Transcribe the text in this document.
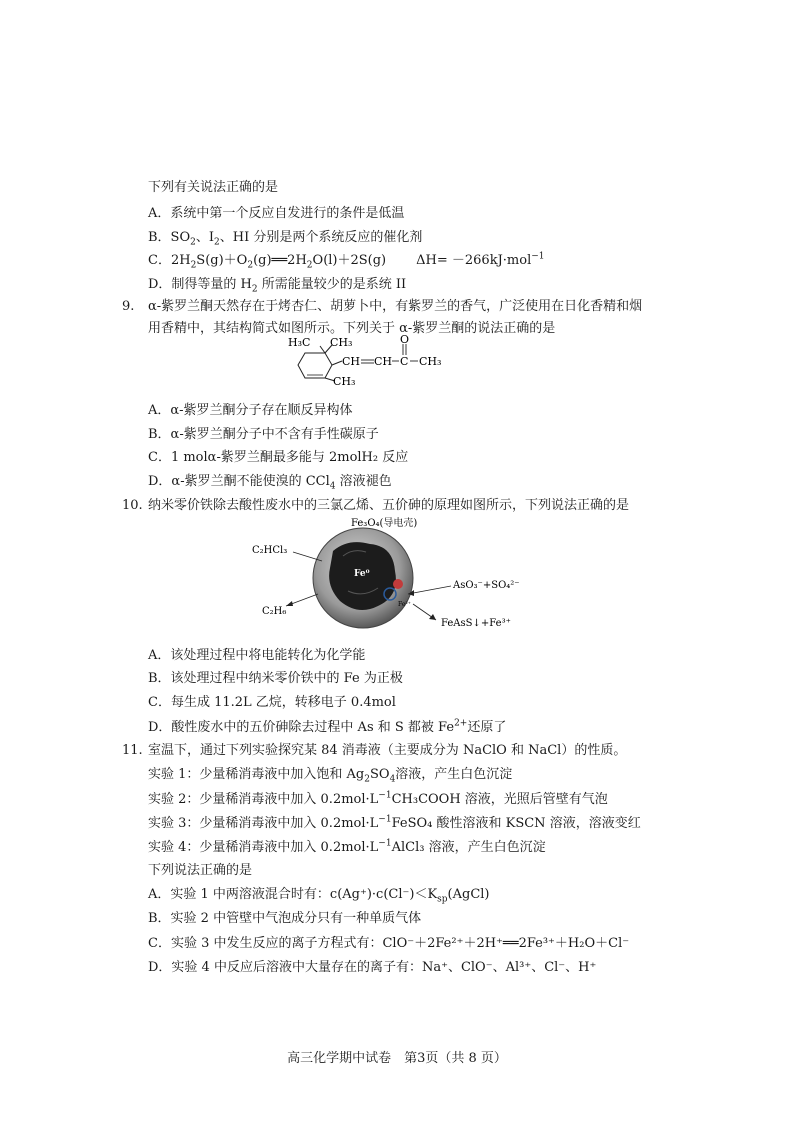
下列有关说法正确的是
A．系统中第一个反应自发进行的条件是低温
B．$SO_2$、$I_2$、HI 分别是两个系统反应的催化剂
C．$2H_2S(g)+O_2(g)══2H_2O(l)+2S(g)$ ΔH= －266kJ·mol$^{-1}$
D．制得等量的 $H_2$ 所需能量较少的是系统 II
9. α-紫罗兰酮天然存在于烤杏仁、胡萝卜中，有紫罗兰的香气，广泛使用在日化香精和烟
用香精中，其结构简式如图所示。下列关于 α-紫罗兰酮的说法正确的是
H₃C CH₃
CH₃
CH CH C
O
CH₃
A．α-紫罗兰酮分子存在顺反异构体
B．α-紫罗兰酮分子中不含有手性碳原子
C．1 molα-紫罗兰酮最多能与 2molH₂ 反应
D．α-紫罗兰酮不能使溴的 CCl$_4$ 溶液褪色
10. 纳米零价铁除去酸性废水中的三氯乙烯、五价砷的原理如图所示，下列说法正确的是
Fe₃O₄(导电壳)
C₂HCl₃
C₂H₆
Fe⁰
Fe²⁺
AsO₃⁻+SO₄²⁻
FeAsS↓+Fe³⁺
A．该处理过程中将电能转化为化学能
B．该处理过程中纳米零价铁中的 Fe 为正极
C．每生成 11.2L 乙烷，转移电子 0.4mol
D．酸性废水中的五价砷除去过程中 As 和 S 都被 $Fe^{2+}$还原了
11. 室温下，通过下列实验探究某 84 消毒液（主要成分为 NaClO 和 NaCl）的性质。
实验 1：少量稀消毒液中加入饱和 $Ag_2SO_4$溶液，产生白色沉淀
实验 2：少量稀消毒液中加入 $0.2mol\cdot L^{-1}CH_3COOH$ 溶液，光照后管壁有气泡
实验 3：少量稀消毒液中加入 $0.2mol\cdot L^{-1}FeSO_4$ 酸性溶液和 KSCN 溶液，溶液变红
实验 4：少量稀消毒液中加入 $0.2mol\cdot L^{-1}AlCl_3$ 溶液，产生白色沉淀
下列说法正确的是
A．实验 1 中两溶液混合时有：$c(Ag^+)\cdot c(Cl^-)<K_{sp}(AgCl)$
B．实验 2 中管壁中气泡成分只有一种单质气体
C．实验 3 中发生反应的离子方程式有：ClO⁻＋2Fe²⁺＋2H⁺══2Fe³⁺＋H₂O＋Cl⁻
D．实验 4 中反应后溶液中大量存在的离子有：Na⁺、ClO⁻、Al³⁺、Cl⁻、H⁺
高三化学期中试卷　第3页（共 8 页）
